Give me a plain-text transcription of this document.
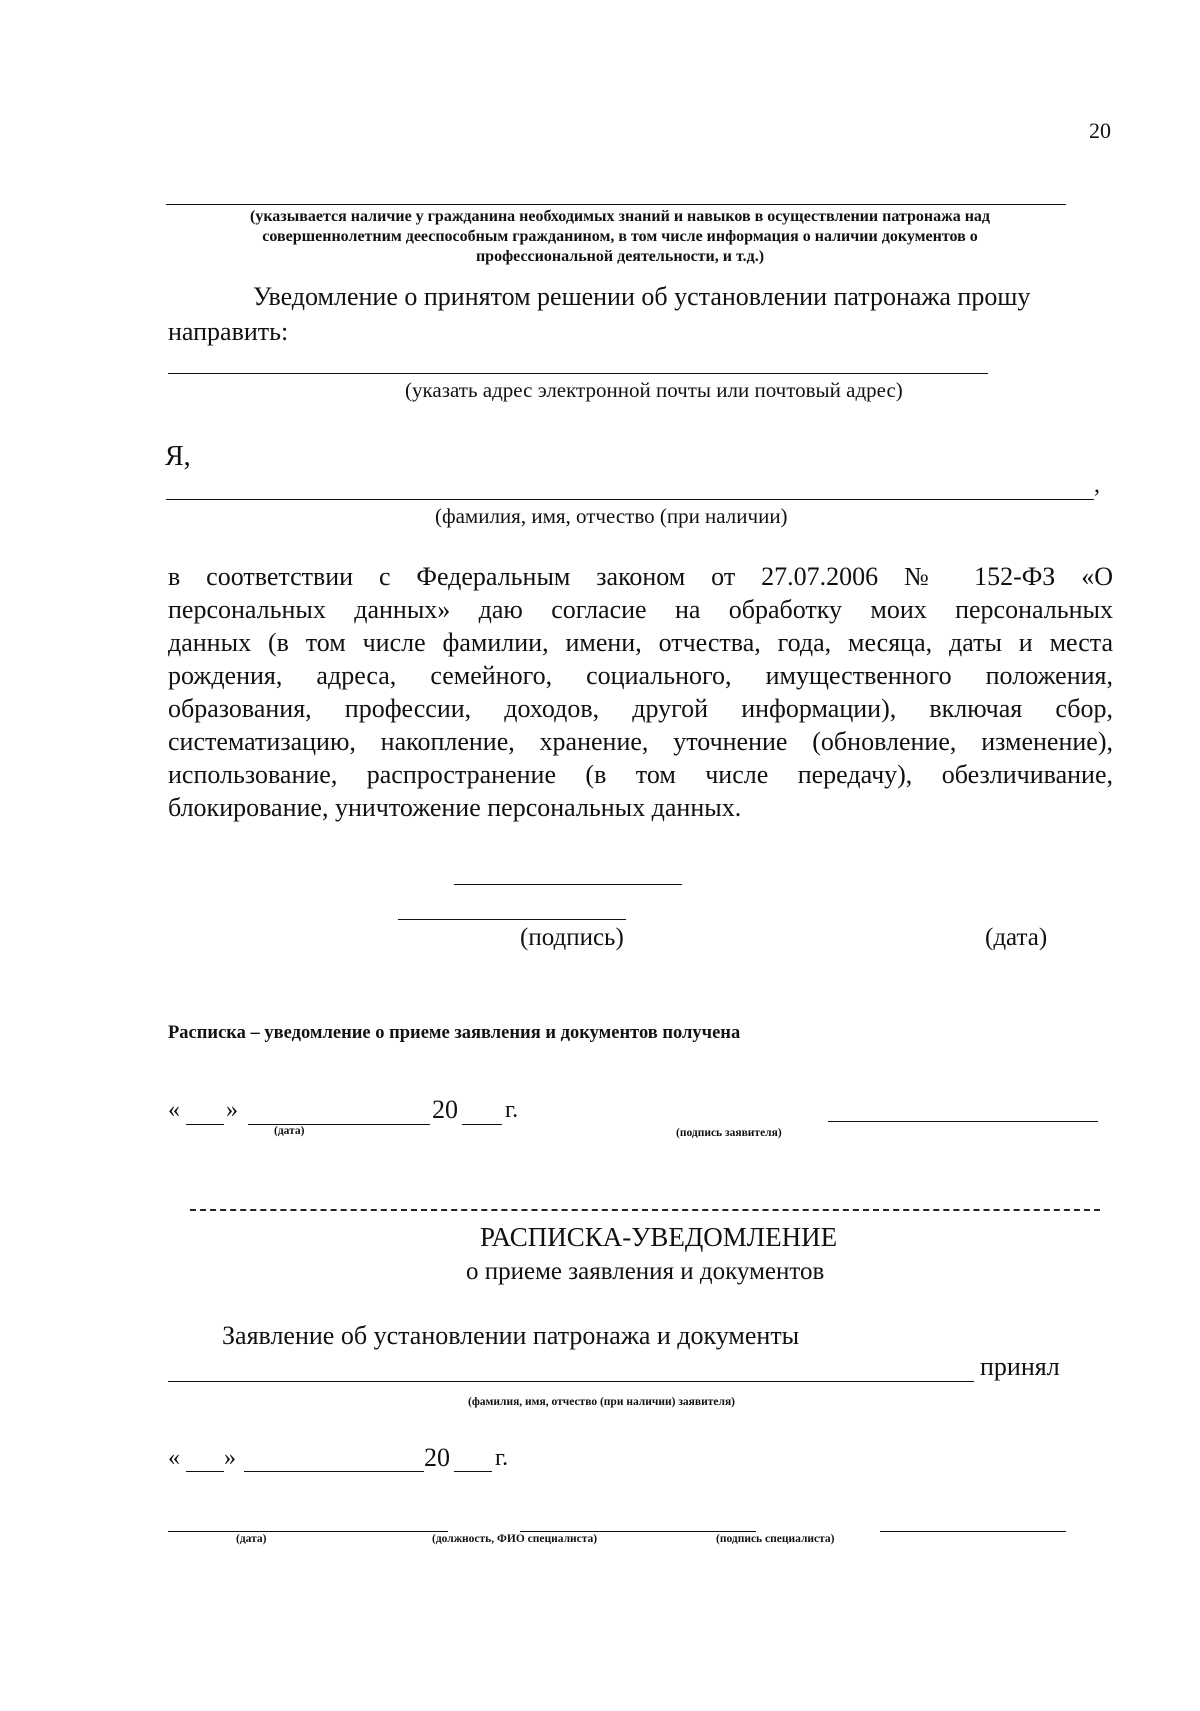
20
(указывается наличие у гражданина необходимых знаний и навыков в осуществлении патронажа над
совершеннолетним дееспособным гражданином, в том числе информация о наличии документов о
профессиональной деятельности, и т.д.)
Уведомление о принятом решении об установлении патронажа прошу
направить:
(указать адрес электронной почты или почтовый адрес)
Я,
,
(фамилия, имя, отчество (при наличии)
в соответствии с Федеральным законом от 27.07.2006 № 152-ФЗ «О
персональных данных» даю согласие на обработку моих персональных
данных (в том числе фамилии, имени, отчества, года, месяца, даты и места
рождения, адреса, семейного, социального, имущественного положения,
образования, профессии, доходов, другой информации), включая сбор,
систематизацию, накопление, хранение, уточнение (обновление, изменение),
использование, распространение (в том числе передачу), обезличивание,
блокирование, уничтожение персональных данных.
(подпись)	(дата)
Расписка – уведомление о приеме заявления и документов получена
« »	20 г.
(дата)	(подпись заявителя)
РАСПИСКА-УВЕДОМЛЕНИЕ
о приеме заявления и документов
Заявление об установлении патронажа и документы
принял
(фамилия, имя, отчество (при наличии) заявителя)
« »	20 г.
(дата)	(должность, ФИО специалиста)	(подпись специалиста)
